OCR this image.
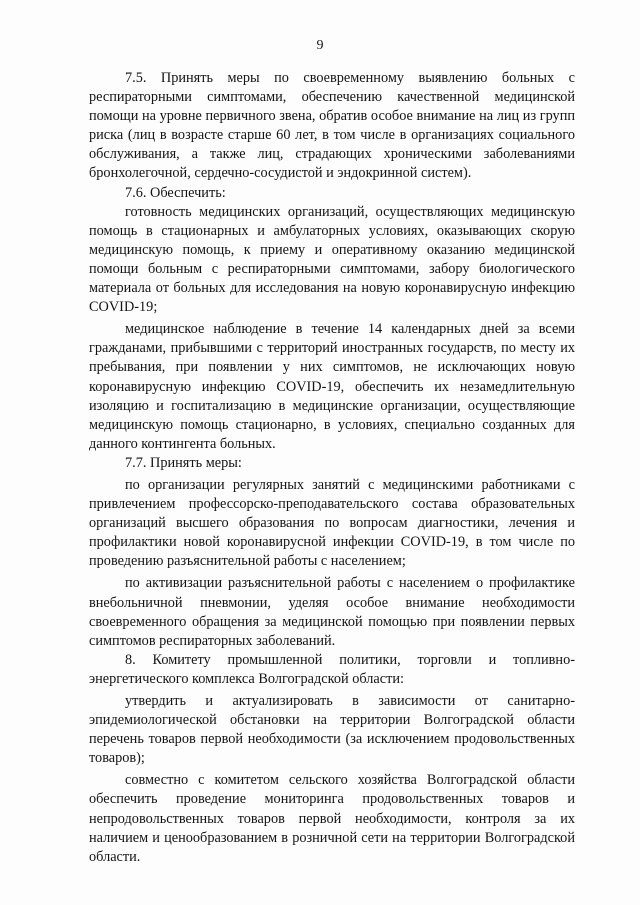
9

7.5. Принять меры по своевременному выявлению больных с респираторными симптомами, обеспечению качественной медицинской помощи на уровне первичного звена, обратив особое внимание на лиц из групп риска (лиц в возрасте старше 60 лет, в том числе в организациях социального обслуживания, а также лиц, страдающих хроническими заболеваниями бронхолегочной, сердечно-сосудистой и эндокринной систем).

7.6. Обеспечить:

готовность медицинских организаций, осуществляющих медицинскую помощь в стационарных и амбулаторных условиях, оказывающих скорую медицинскую помощь, к приему и оперативному оказанию медицинской помощи больным с респираторными симптомами, забору биологического материала от больных для исследования на новую коронавирусную инфекцию COVID-19;

медицинское наблюдение в течение 14 календарных дней за всеми гражданами, прибывшими с территорий иностранных государств, по месту их пребывания, при появлении у них симптомов, не исключающих новую коронавирусную инфекцию COVID-19, обеспечить их незамедлительную изоляцию и госпитализацию в медицинские организации, осуществляющие медицинскую помощь стационарно, в условиях, специально созданных для данного контингента больных.

7.7. Принять меры:

по организации регулярных занятий с медицинскими работниками с привлечением профессорско-преподавательского состава образовательных организаций высшего образования по вопросам диагностики, лечения и профилактики новой коронавирусной инфекции COVID-19, в том числе по проведению разъяснительной работы с населением;

по активизации разъяснительной работы с населением о профилактике внебольничной пневмонии, уделяя особое внимание необходимости своевременного обращения за медицинской помощью при появлении первых симптомов респираторных заболеваний.

8. Комитету промышленной политики, торговли и топливно-энергетического комплекса Волгоградской области:

утвердить и актуализировать в зависимости от санитарно-эпидемиологической обстановки на территории Волгоградской области перечень товаров первой необходимости (за исключением продовольственных товаров);

совместно с комитетом сельского хозяйства Волгоградской области обеспечить проведение мониторинга продовольственных товаров и непродовольственных товаров первой необходимости, контроля за их наличием и ценообразованием в розничной сети на территории Волгоградской области.
